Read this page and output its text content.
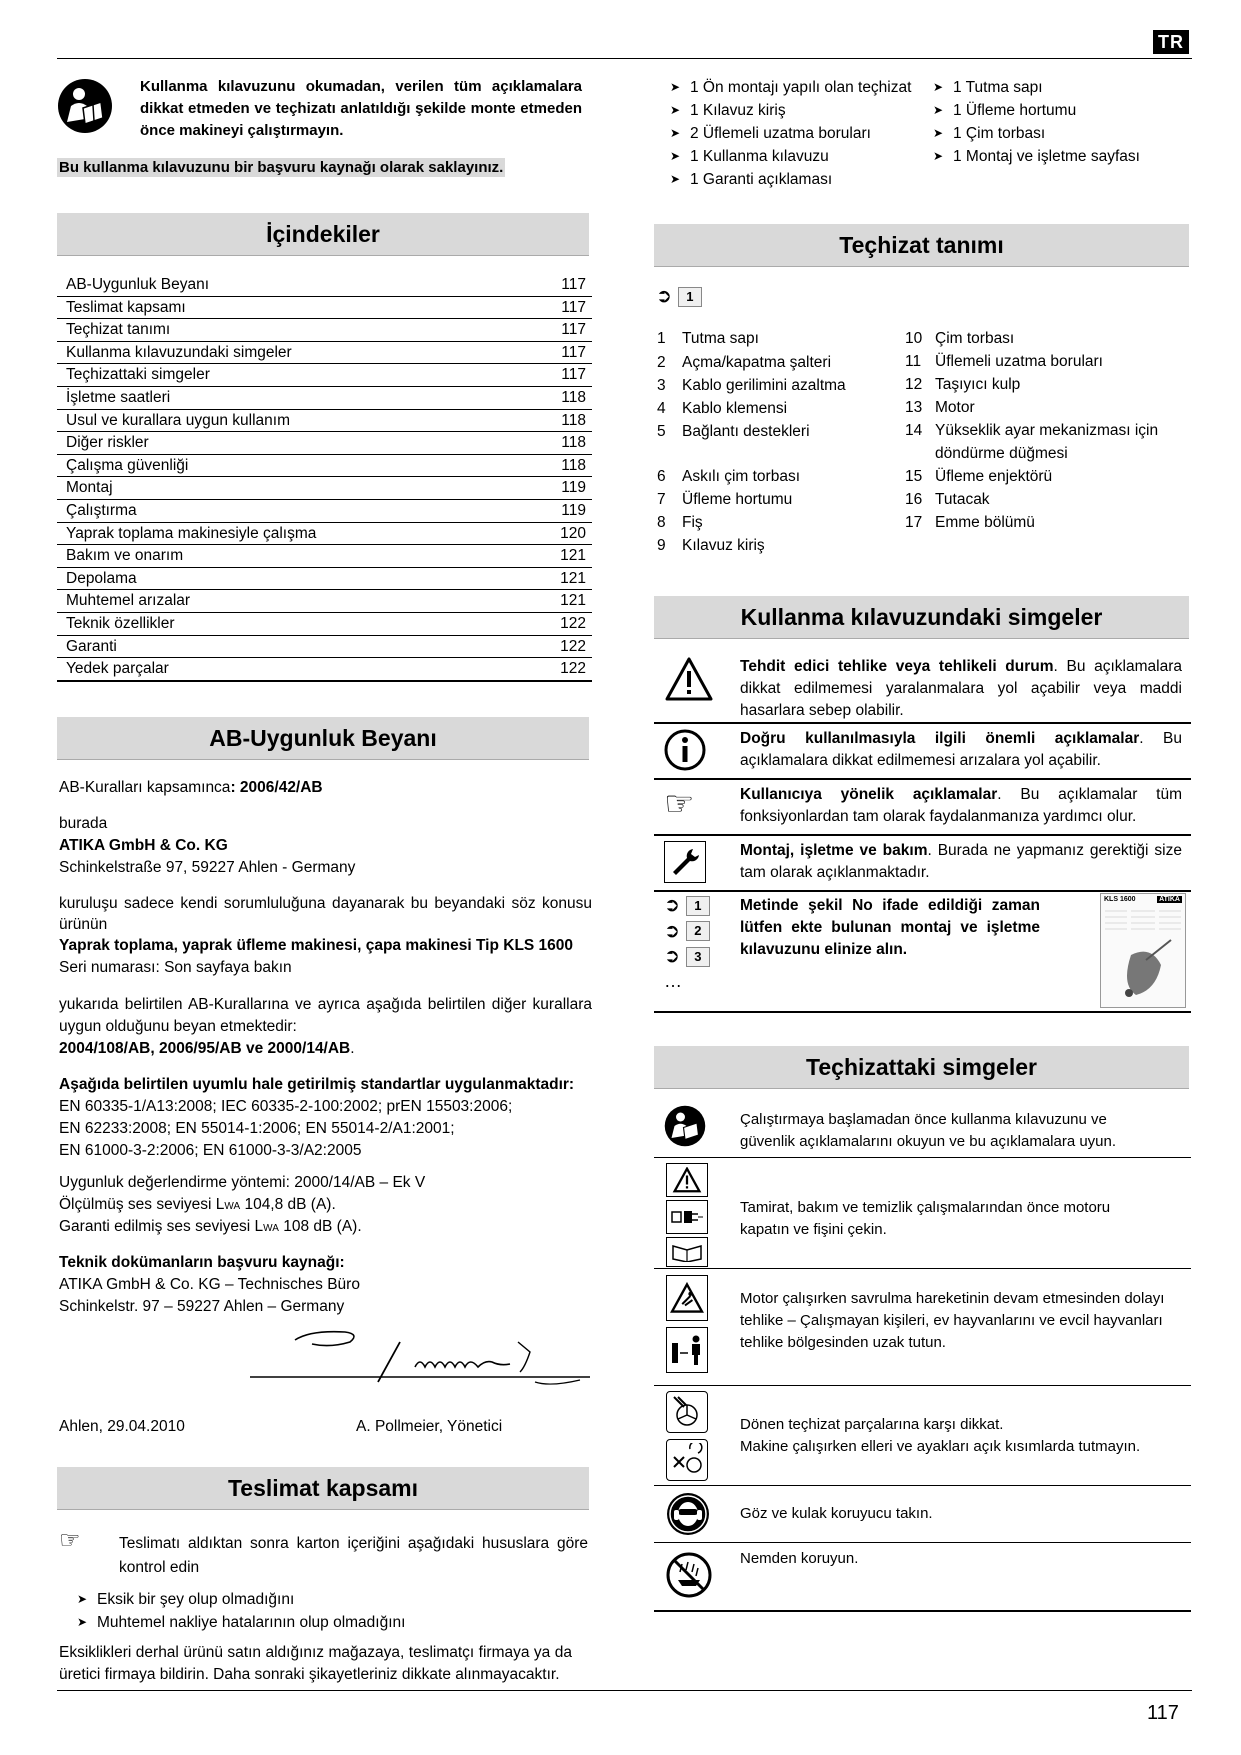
TR
Kullanma kılavuzunu okumadan, verilen tüm açıklamalara dikkat etmeden ve teçhizatı anlatıldığı şekilde monte etmeden önce makineyi çalıştırmayın.
Bu kullanma kılavuzunu bir başvuru kaynağı olarak saklayınız.
İçindekiler
AB-Uygunluk Beyanı	117
Teslimat kapsamı	117
Teçhizat tanımı	117
Kullanma kılavuzundaki simgeler	117
Teçhizattaki simgeler	117
İşletme saatleri	118
Usul ve kurallara uygun kullanım	118
Diğer riskler	118
Çalışma güvenliği	118
Montaj	119
Çalıştırma	119
Yaprak toplama makinesiyle çalışma	120
Bakım ve onarım	121
Depolama	121
Muhtemel arızalar	121
Teknik özellikler	122
Garanti	122
Yedek parçalar	122
AB-Uygunluk Beyanı
AB-Kuralları kapsamınca: 2006/42/AB
burada
ATIKA GmbH & Co. KG
Schinkelstraße 97, 59227 Ahlen - Germany
kuruluşu sadece kendi sorumluluğuna dayanarak bu beyandaki söz konusu ürünün
Yaprak toplama, yaprak üfleme makinesi, çapa makinesi Tip KLS 1600
Seri numarası: Son sayfaya bakın
yukarıda belirtilen AB-Kurallarına ve ayrıca aşağıda belirtilen diğer kurallara uygun olduğunu beyan etmektedir:
2004/108/AB, 2006/95/AB ve 2000/14/AB.
Aşağıda belirtilen uyumlu hale getirilmiş standartlar uygulanmaktadır:
EN 60335-1/A13:2008; IEC 60335-2-100:2002; prEN 15503:2006;
EN 62233:2008; EN 55014-1:2006; EN 55014-2/A1:2001;
EN 61000-3-2:2006; EN 61000-3-3/A2:2005
Uygunluk değerlendirme yöntemi: 2000/14/AB – Ek V
Ölçülmüş ses seviyesi LWA 104,8 dB (A).
Garanti edilmiş ses seviyesi LWA 108 dB (A).
Teknik dokümanların başvuru kaynağı:
ATIKA GmbH & Co. KG – Technisches Büro
Schinkelstr. 97 – 59227 Ahlen – Germany
Ahlen, 29.04.2010	A. Pollmeier, Yönetici
Teslimat kapsamı
☞ Teslimatı aldıktan sonra karton içeriğini aşağıdaki hususlara göre kontrol edin
➤ Eksik bir şey olup olmadığını
➤ Muhtemel nakliye hatalarının olup olmadığını
Eksiklikleri derhal ürünü satın aldığınız mağazaya, teslimatçı firmaya ya da üretici firmaya bildirin. Daha sonraki şikayetleriniz dikkate alınmayacaktır.
➤ 1 Ön montajı yapılı olan teçhizat
➤ 1 Kılavuz kiriş
➤ 2 Üflemeli uzatma boruları
➤ 1 Kullanma kılavuzu
➤ 1 Garanti açıklaması
➤ 1 Tutma sapı
➤ 1 Üfleme hortumu
➤ 1 Çim torbası
➤ 1 Montaj ve işletme sayfası
Teçhizat tanımı
➲ 1
1	Tutma sapı
2	Açma/kapatma şalteri
3	Kablo gerilimini azaltma
4	Kablo klemensi
5	Bağlantı destekleri
6	Askılı çim torbası
7	Üfleme hortumu
8	Fiş
9	Kılavuz kiriş
10 Çim torbası
11 Üflemeli uzatma boruları
12 Taşıyıcı kulp
13 Motor
14 Yükseklik ayar mekanizması için
döndürme düğmesi
15 Üfleme enjektörü
16 Tutacak
17 Emme bölümü
Kullanma kılavuzundaki simgeler
Tehdit edici tehlike veya tehlikeli durum. Bu açıklamalara dikkat edilmemesi yaralanmalara yol açabilir veya maddi hasarlara sebep olabilir.
Doğru kullanılmasıyla ilgili önemli açıklamalar. Bu açıklamalara dikkat edilmemesi arızalara yol açabilir.
☞	Kullanıcıya yönelik açıklamalar. Bu açıklamalar tüm fonksiyonlardan tam olarak faydalanmanıza yardımcı olur.
Montaj, işletme ve bakım. Burada ne yapmanız gerektiği size tam olarak açıklanmaktadır.
➲ 1
➲ 2
➲ 3
…
Metinde şekil No ifade edildiği zaman lütfen ekte bulunan montaj ve işletme kılavuzunu elinize alın.
KLS 1600	ATIKA
Teçhizattaki simgeler
Çalıştırmaya başlamadan önce kullanma kılavuzunu ve güvenlik açıklamalarını okuyun ve bu açıklamalara uyun.
Tamirat, bakım ve temizlik çalışmalarından önce motoru kapatın ve fişini çekin.
Motor çalışırken savrulma hareketinin devam etmesinden dolayı tehlike – Çalışmayan kişileri, ev hayvanlarını ve evcil hayvanları tehlike bölgesinden uzak tutun.
Dönen teçhizat parçalarına karşı dikkat.
Makine çalışırken elleri ve ayakları açık kısımlarda tutmayın.
Göz ve kulak koruyucu takın.
Nemden koruyun.
117
